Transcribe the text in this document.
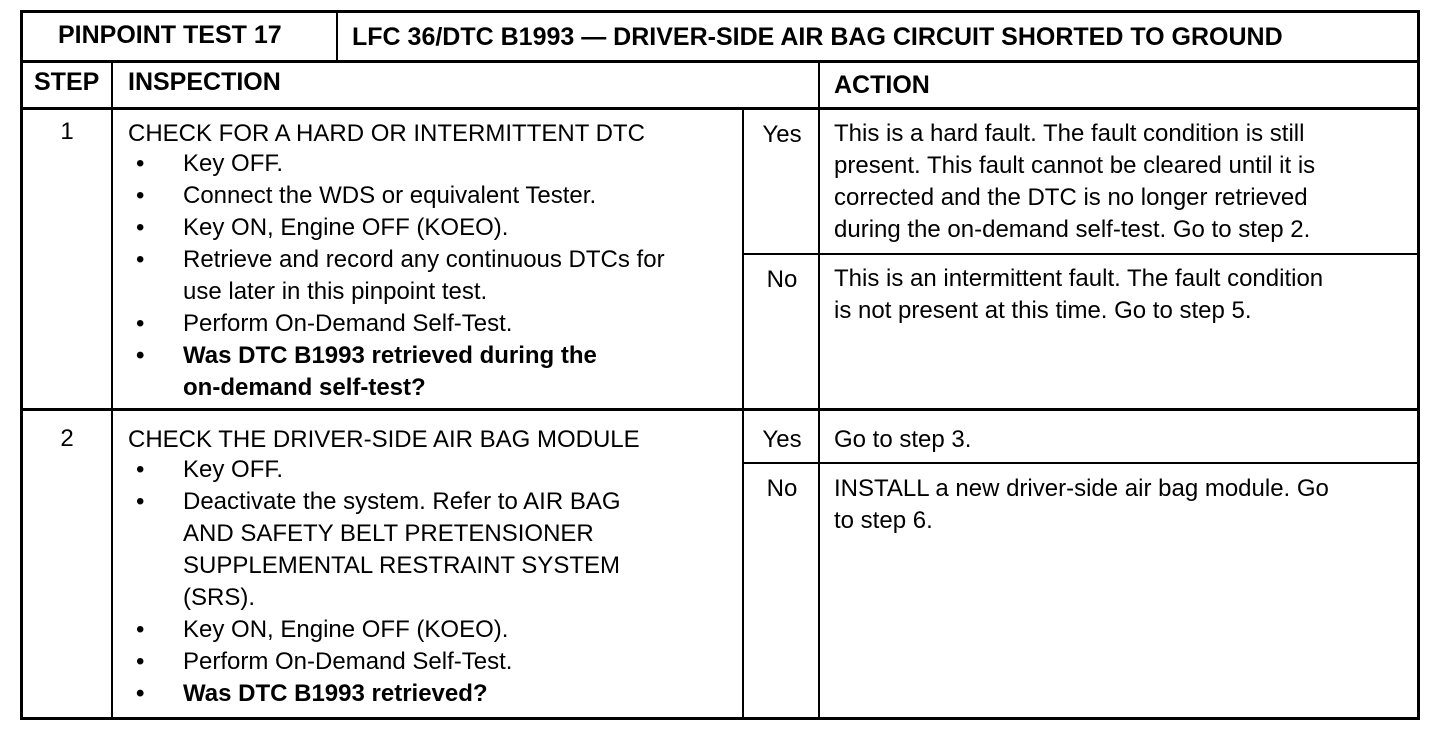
PINPOINT TEST 17	LFC 36/DTC B1993 — DRIVER-SIDE AIR BAG CIRCUIT SHORTED TO GROUND
STEP INSPECTION	ACTION
1	CHECK FOR A HARD OR INTERMITTENT DTC
• Key OFF.
• Connect the WDS or equivalent Tester.
• Key ON, Engine OFF (KOEO).
• Retrieve and record any continuous DTCs for
use later in this pinpoint test.
• Perform On-Demand Self-Test.
• Was DTC B1993 retrieved during the
on-demand self-test?
Yes	This is a hard fault. The fault condition is still
present. This fault cannot be cleared until it is
corrected and the DTC is no longer retrieved
during the on-demand self-test. Go to step 2.
No	This is an intermittent fault. The fault condition
is not present at this time. Go to step 5.
2	CHECK THE DRIVER-SIDE AIR BAG MODULE
• Key OFF.
• Deactivate the system. Refer to AIR BAG
AND SAFETY BELT PRETENSIONER
SUPPLEMENTAL RESTRAINT SYSTEM
(SRS).
• Key ON, Engine OFF (KOEO).
• Perform On-Demand Self-Test.
• Was DTC B1993 retrieved?
Yes	Go to step 3.
No	INSTALL a new driver-side air bag module. Go
to step 6.
